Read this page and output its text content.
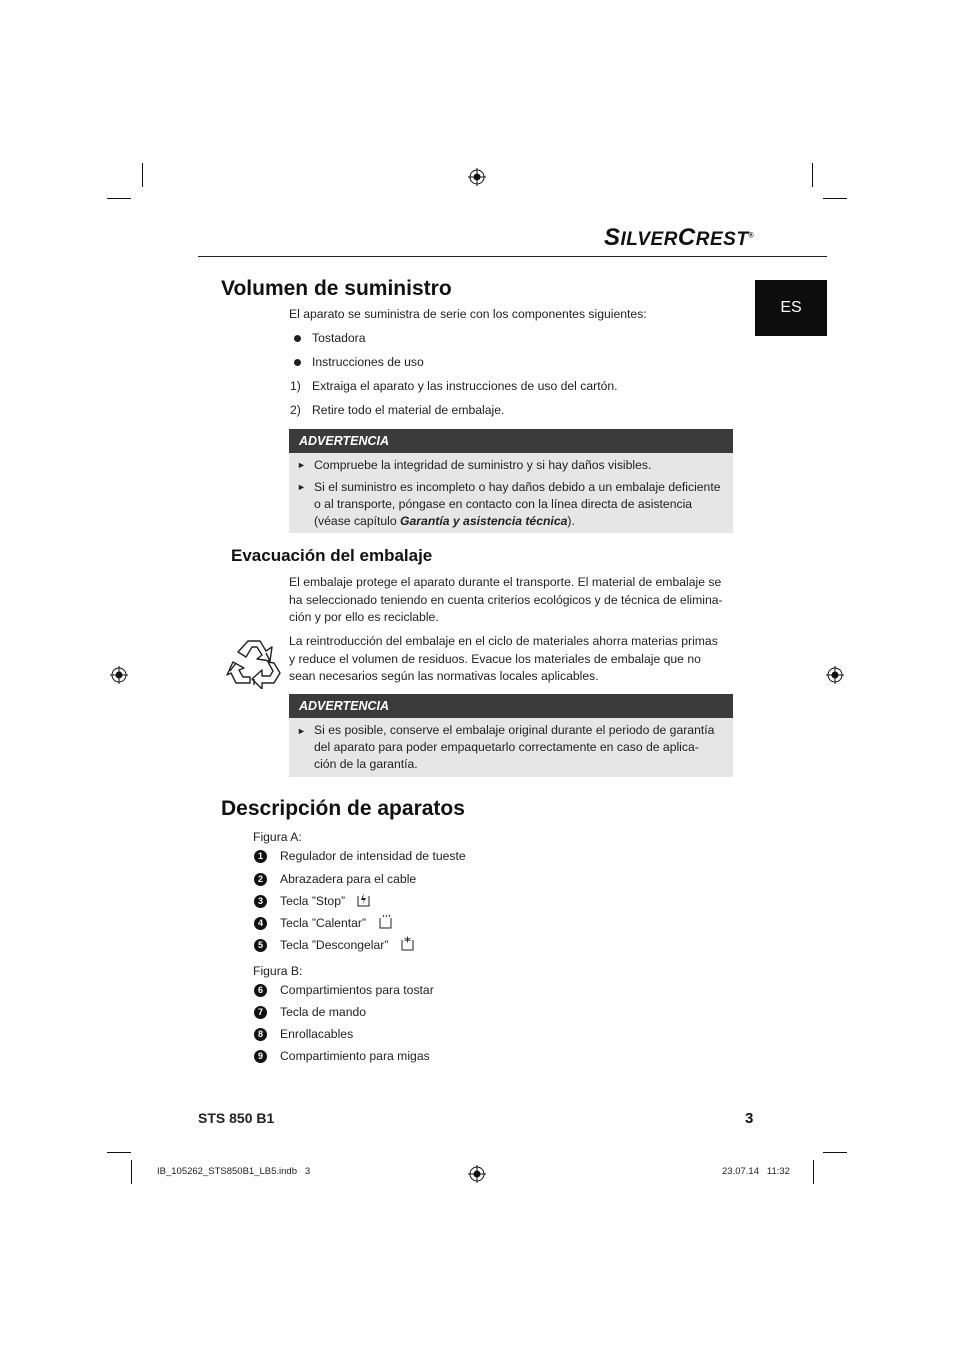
SILVERCREST®
ES
Volumen de suministro
El aparato se suministra de serie con los componentes siguientes:
Tostadora
Instrucciones de uso
1) Extraiga el aparato y las instrucciones de uso del cartón.
2) Retire todo el material de embalaje.
ADVERTENCIA
► Compruebe la integridad de suministro y si hay daños visibles.
► Si el suministro es incompleto o hay daños debido a un embalaje deficiente
o al transporte, póngase en contacto con la línea directa de asistencia
(véase capítulo Garantía y asistencia técnica).
Evacuación del embalaje
El embalaje protege el aparato durante el transporte. El material de embalaje se
ha seleccionado teniendo en cuenta criterios ecológicos y de técnica de elimina-
ción y por ello es reciclable.
La reintroducción del embalaje en el ciclo de materiales ahorra materias primas
y reduce el volumen de residuos. Evacue los materiales de embalaje que no
sean necesarios según las normativas locales aplicables.
ADVERTENCIA
► Si es posible, conserve el embalaje original durante el periodo de garantía
del aparato para poder empaquetarlo correctamente en caso de aplica-
ción de la garantía.
Descripción de aparatos
Figura A:
1	Regulador de intensidad de tueste
2	Abrazadera para el cable
3	Tecla ”Stop”
4	Tecla ”Calentar”
5	Tecla ”Descongelar”
Figura B:
6	Compartimientos para tostar
7	Tecla de mando
8	Enrollacables
9	Compartimiento para migas
STS 850 B1	3
IB_105262_STS850B1_LB5.indb   3	23.07.14   11:32
